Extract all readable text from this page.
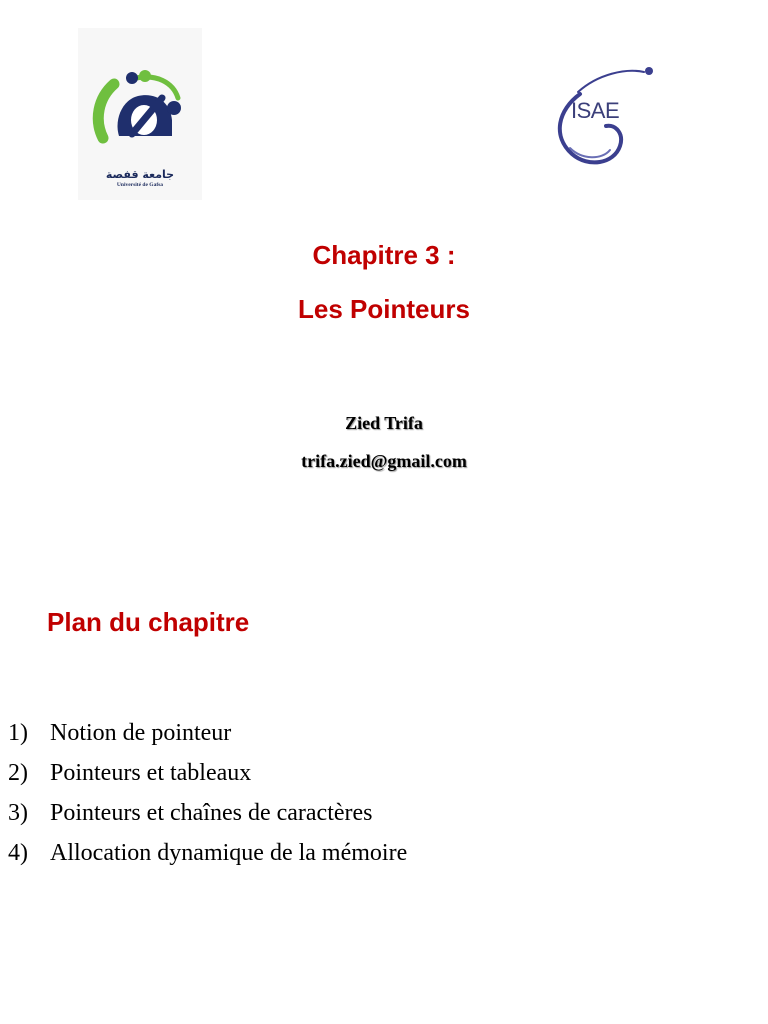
جامعة قفصة
Université de Gafsa
ISAE
Chapitre 3 :
Les Pointeurs
Zied Trifa
trifa.zied@gmail.com
Plan du chapitre
1) Notion de pointeur
2) Pointeurs et tableaux
3) Pointeurs et chaînes de caractères
4) Allocation dynamique de la mémoire
